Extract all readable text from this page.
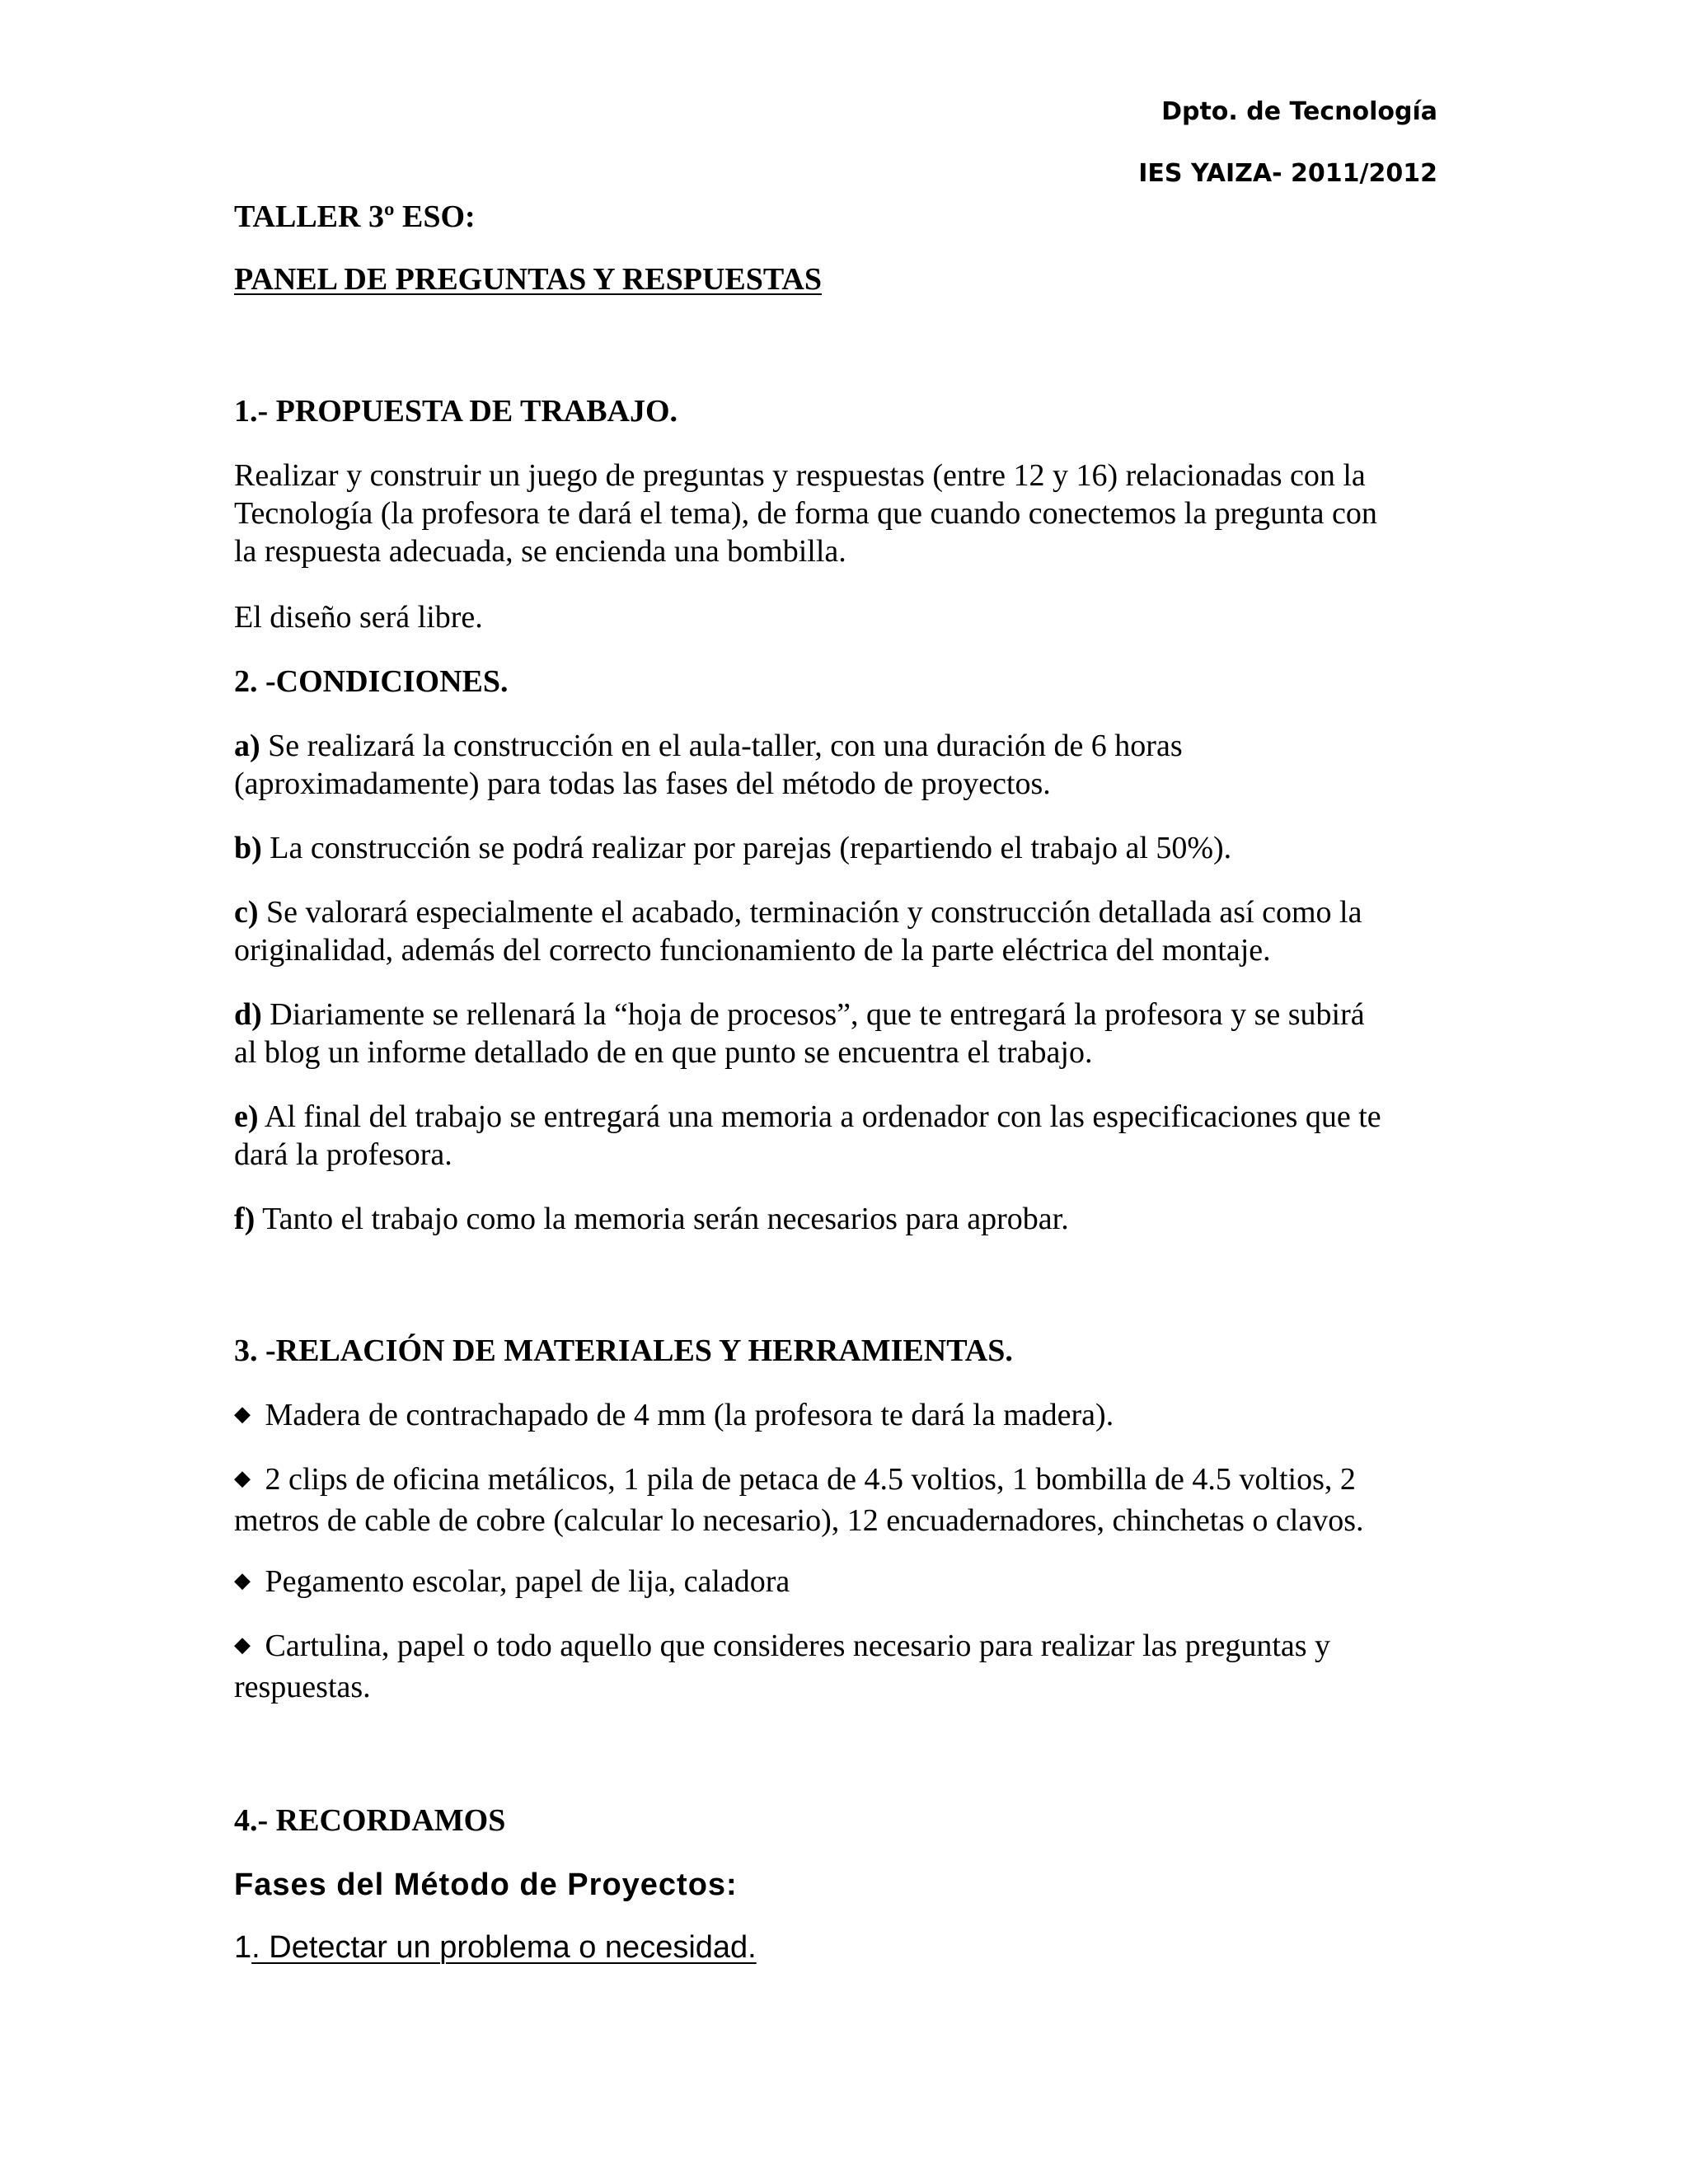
Dpto. de Tecnología
IES YAIZA- 2011/2012

TALLER 3º ESO:

PANEL DE PREGUNTAS Y RESPUESTAS

1.- PROPUESTA DE TRABAJO.

Realizar y construir un juego de preguntas y respuestas (entre 12 y 16) relacionadas con la

Tecnología (la profesora te dará el tema), de forma que cuando conectemos la pregunta con

la respuesta adecuada, se encienda una bombilla.

El diseño será libre.

2. -CONDICIONES.

a) Se realizará la construcción en el aula-taller, con una duración de 6 horas

(aproximadamente) para todas las fases del método de proyectos.

b) La construcción se podrá realizar por parejas (repartiendo el trabajo al 50%).

c) Se valorará especialmente el acabado, terminación y construcción detallada así como la

originalidad, además del correcto funcionamiento de la parte eléctrica del montaje.

d) Diariamente se rellenará la “hoja de procesos”, que te entregará la profesora y se subirá

al blog un informe detallado de en que punto se encuentra el trabajo.

e) Al final del trabajo se entregará una memoria a ordenador con las especificaciones que te

dará la profesora.

f) Tanto el trabajo como la memoria serán necesarios para aprobar.

3. -RELACIÓN DE MATERIALES Y HERRAMIENTAS.

◆ Madera de contrachapado de 4 mm (la profesora te dará la madera).

◆ 2 clips de oficina metálicos, 1 pila de petaca de 4.5 voltios, 1 bombilla de 4.5 voltios, 2

metros de cable de cobre (calcular lo necesario), 12 encuadernadores, chinchetas o clavos.

◆ Pegamento escolar, papel de lija, caladora

◆ Cartulina, papel o todo aquello que consideres necesario para realizar las preguntas y

respuestas.

4.- RECORDAMOS

Fases del Método de Proyectos:

1. Detectar un problema o necesidad.
